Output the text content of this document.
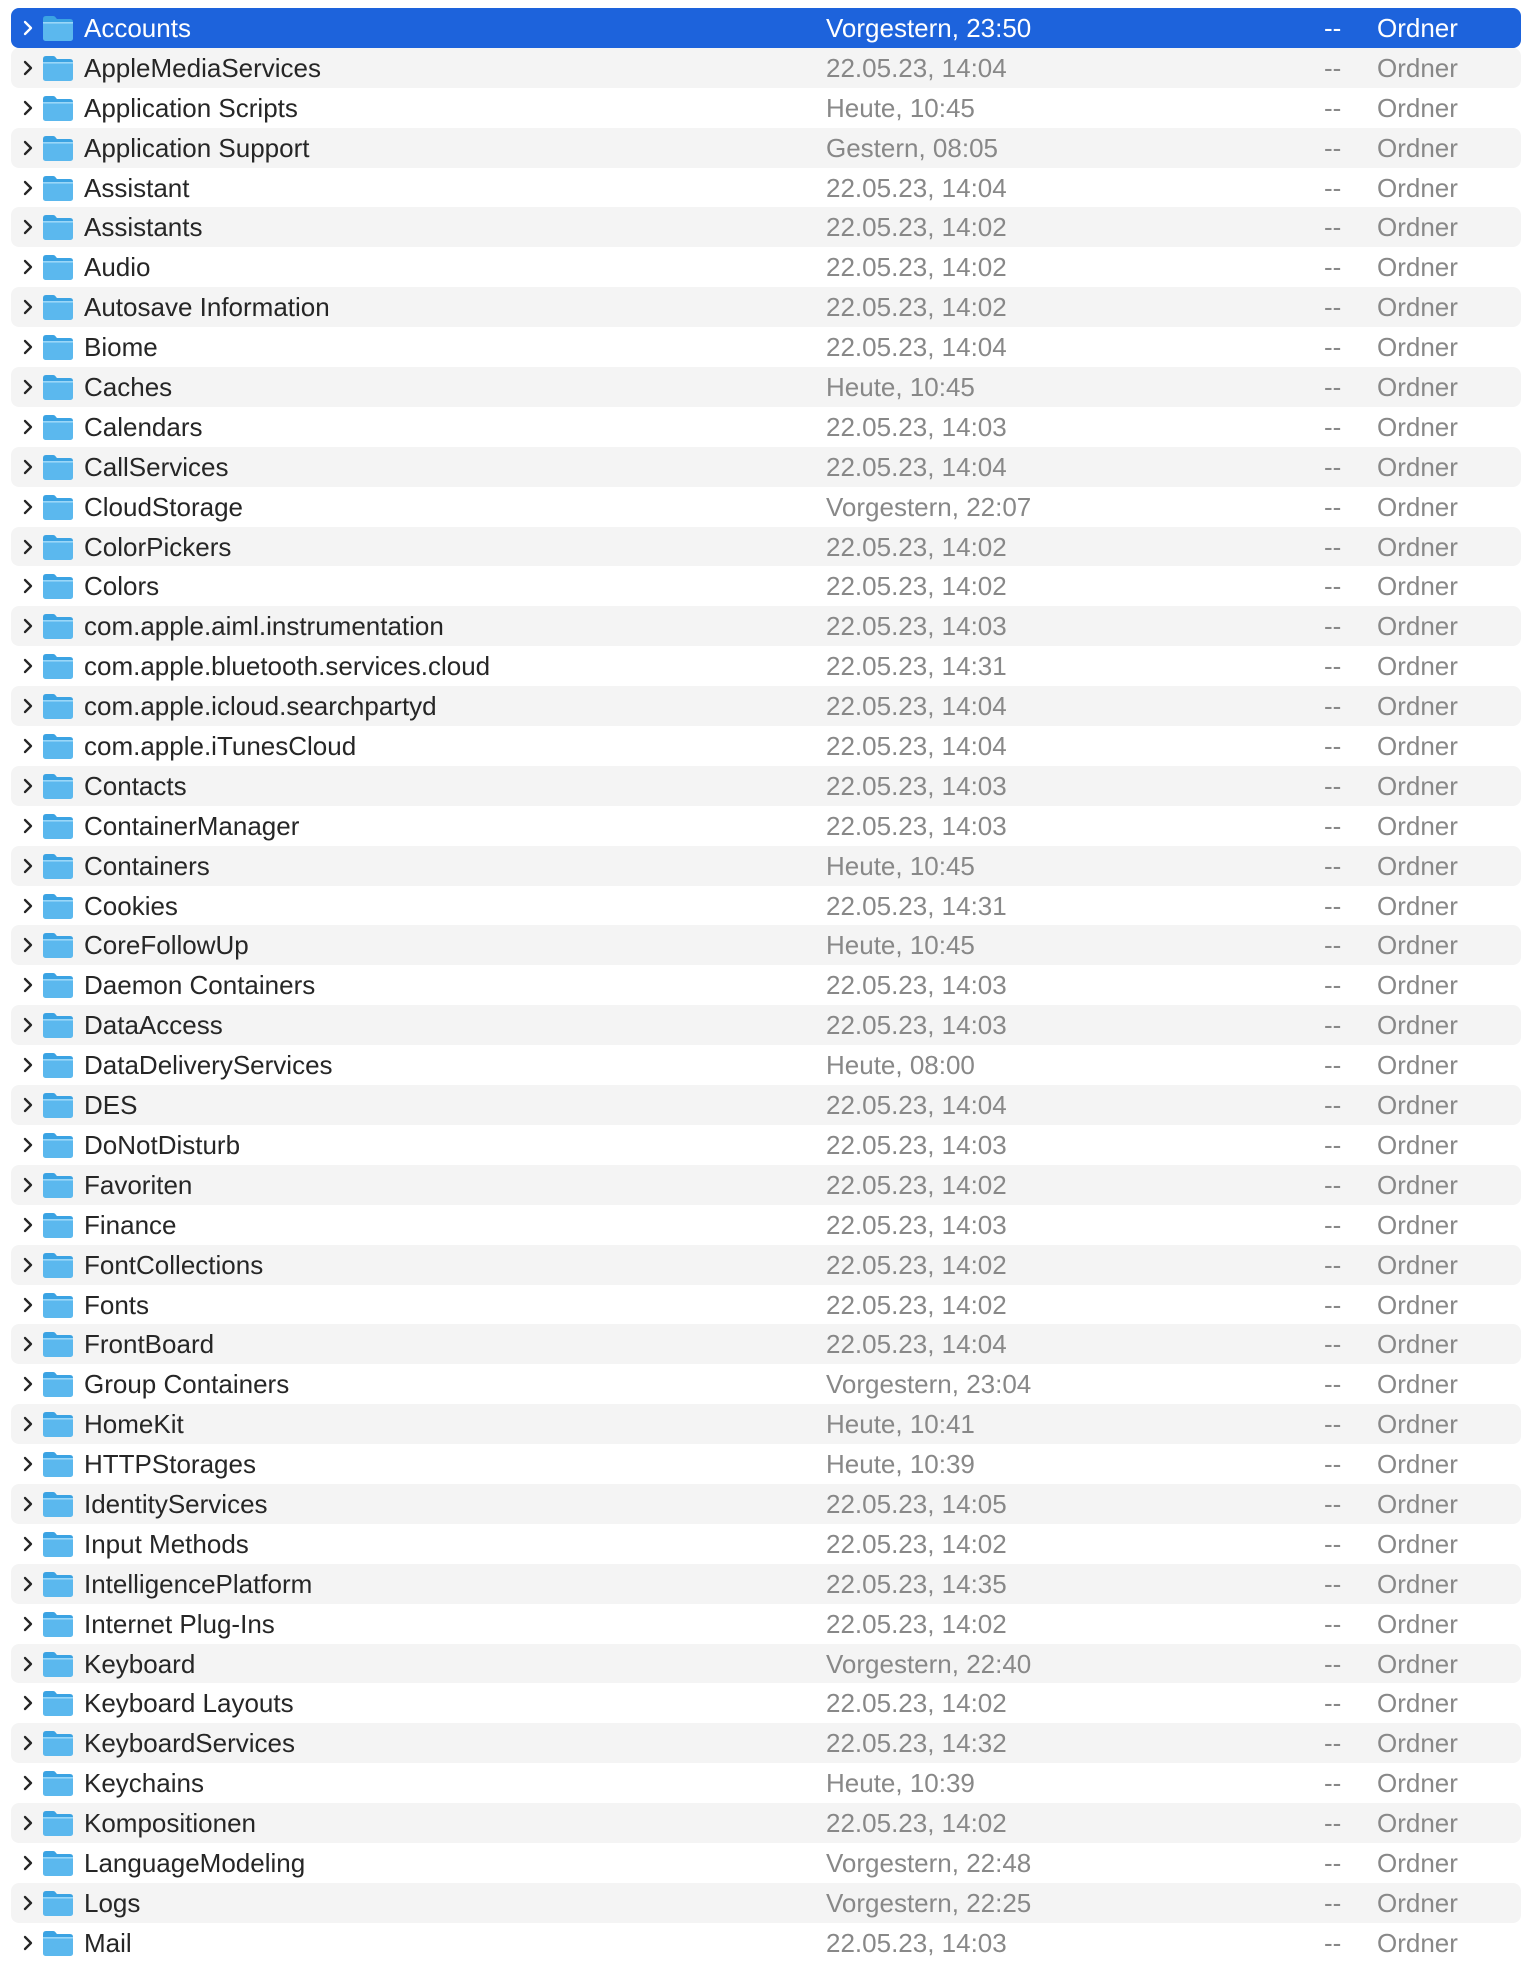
Accounts	Vorgestern, 23:50	-- Ordner
AppleMediaServices	22.05.23, 14:04	-- Ordner
Application Scripts	Heute, 10:45	-- Ordner
Application Support	Gestern, 08:05	-- Ordner
Assistant	22.05.23, 14:04	-- Ordner
Assistants	22.05.23, 14:02	-- Ordner
Audio	22.05.23, 14:02	-- Ordner
Autosave Information	22.05.23, 14:02	-- Ordner
Biome	22.05.23, 14:04	-- Ordner
Caches	Heute, 10:45	-- Ordner
Calendars	22.05.23, 14:03	-- Ordner
CallServices	22.05.23, 14:04	-- Ordner
CloudStorage	Vorgestern, 22:07	-- Ordner
ColorPickers	22.05.23, 14:02	-- Ordner
Colors	22.05.23, 14:02	-- Ordner
com.apple.aiml.instrumentation	22.05.23, 14:03	-- Ordner
com.apple.bluetooth.services.cloud	22.05.23, 14:31	-- Ordner
com.apple.icloud.searchpartyd	22.05.23, 14:04	-- Ordner
com.apple.iTunesCloud	22.05.23, 14:04	-- Ordner
Contacts	22.05.23, 14:03	-- Ordner
ContainerManager	22.05.23, 14:03	-- Ordner
Containers	Heute, 10:45	-- Ordner
Cookies	22.05.23, 14:31	-- Ordner
CoreFollowUp	Heute, 10:45	-- Ordner
Daemon Containers	22.05.23, 14:03	-- Ordner
DataAccess	22.05.23, 14:03	-- Ordner
DataDeliveryServices	Heute, 08:00	-- Ordner
DES	22.05.23, 14:04	-- Ordner
DoNotDisturb	22.05.23, 14:03	-- Ordner
Favoriten	22.05.23, 14:02	-- Ordner
Finance	22.05.23, 14:03	-- Ordner
FontCollections	22.05.23, 14:02	-- Ordner
Fonts	22.05.23, 14:02	-- Ordner
FrontBoard	22.05.23, 14:04	-- Ordner
Group Containers	Vorgestern, 23:04	-- Ordner
HomeKit	Heute, 10:41	-- Ordner
HTTPStorages	Heute, 10:39	-- Ordner
IdentityServices	22.05.23, 14:05	-- Ordner
Input Methods	22.05.23, 14:02	-- Ordner
IntelligencePlatform	22.05.23, 14:35	-- Ordner
Internet Plug-Ins	22.05.23, 14:02	-- Ordner
Keyboard	Vorgestern, 22:40	-- Ordner
Keyboard Layouts	22.05.23, 14:02	-- Ordner
KeyboardServices	22.05.23, 14:32	-- Ordner
Keychains	Heute, 10:39	-- Ordner
Kompositionen	22.05.23, 14:02	-- Ordner
LanguageModeling	Vorgestern, 22:48	-- Ordner
Logs	Vorgestern, 22:25	-- Ordner
Mail	22.05.23, 14:03	-- Ordner
